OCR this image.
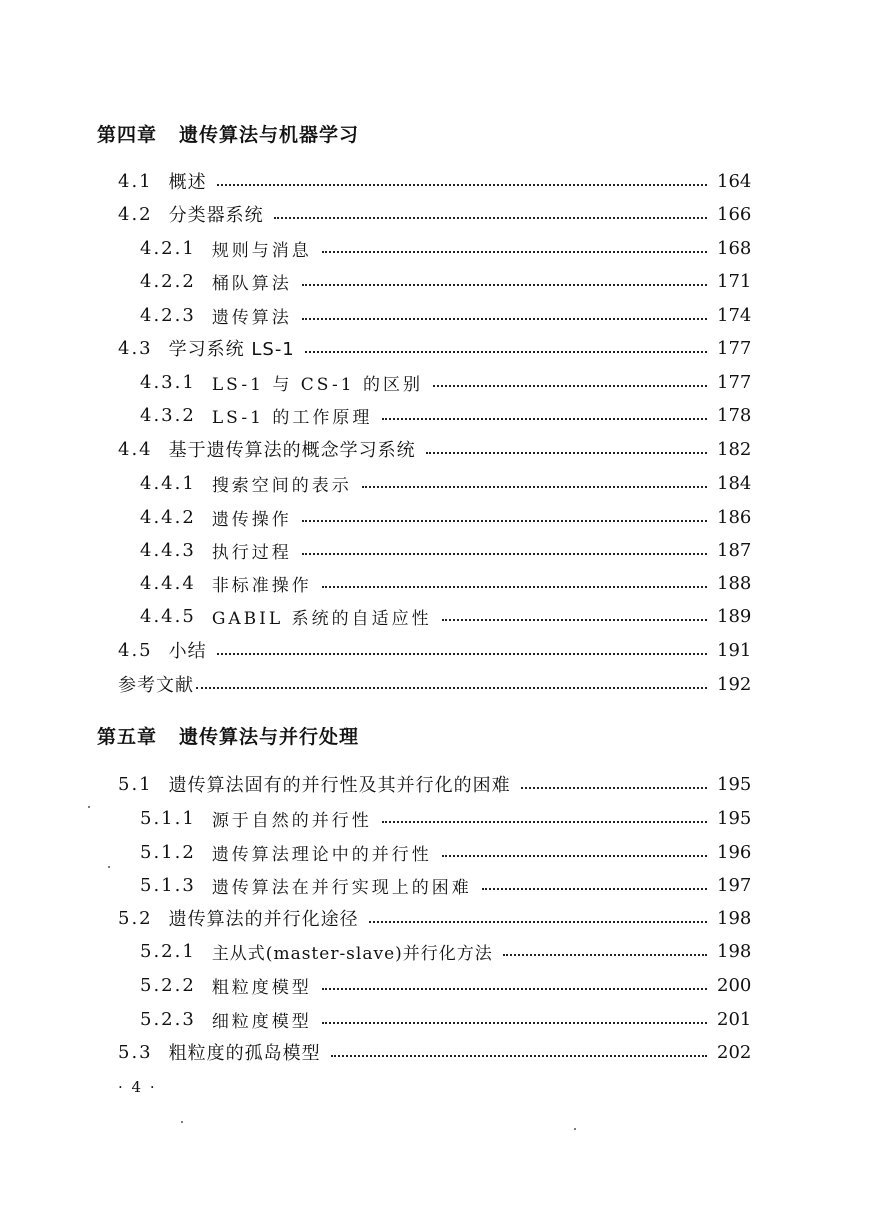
第四章 遗传算法与机器学习
4.1 概述	164
4.2 分类器系统	166
4.2.1 规则与消息	168
4.2.2 桶队算法	171
4.2.3 遗传算法	174
4.3 学习系统 LS-1	177
4.3.1 LS-1 与 CS-1 的区别	177
4.3.2 LS-1 的工作原理	178
4.4 基于遗传算法的概念学习系统	182
4.4.1 搜索空间的表示	184
4.4.2 遗传操作	186
4.4.3 执行过程	187
4.4.4 非标准操作	188
4.4.5 GABIL 系统的自适应性	189
4.5 小结	191
参考文献	192
第五章 遗传算法与并行处理
5.1 遗传算法固有的并行性及其并行化的困难	195
5.1.1 源于自然的并行性	195
5.1.2 遗传算法理论中的并行性	196
5.1.3 遗传算法在并行实现上的困难	197
5.2 遗传算法的并行化途径	198
5.2.1 主从式(master-slave)并行化方法	198
5.2.2 粗粒度模型	200
5.2.3 细粒度模型	201
5.3 粗粒度的孤岛模型	202
· 4 ·
